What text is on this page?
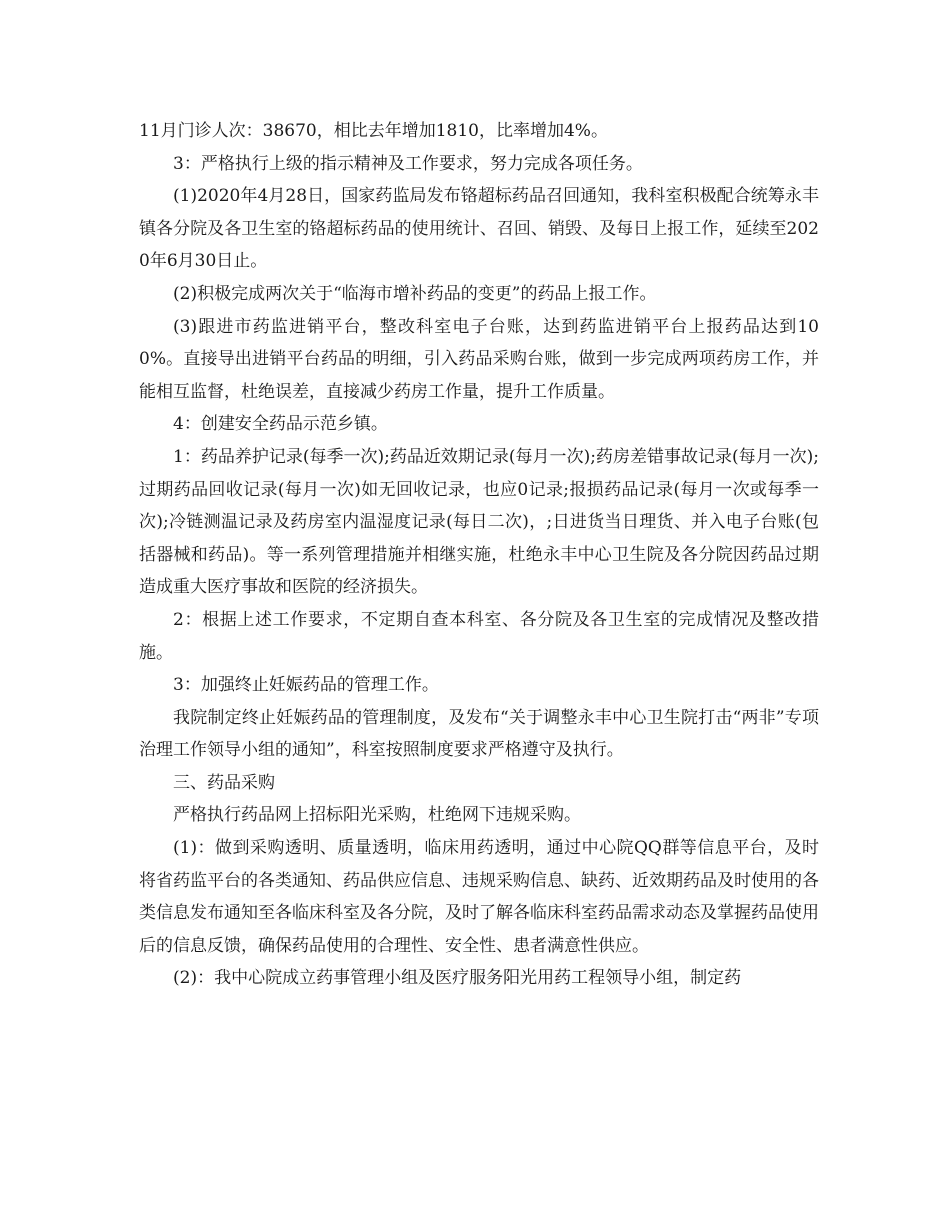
11月门诊人次：38670，相比去年增加1810，比率增加4%。

3：严格执行上级的指示精神及工作要求，努力完成各项任务。

(1)2020年4月28日，国家药监局发布铬超标药品召回通知，我科室积极配合统筹永丰镇各分院及各卫生室的铬超标药品的使用统计、召回、销毁、及每日上报工作，延续至2020年6月30日止。

(2)积极完成两次关于“临海市增补药品的变更”的药品上报工作。

(3)跟进市药监进销平台，整改科室电子台账，达到药监进销平台上报药品达到100%。直接导出进销平台药品的明细，引入药品采购台账，做到一步完成两项药房工作，并能相互监督，杜绝误差，直接减少药房工作量，提升工作质量。

4：创建安全药品示范乡镇。

1：药品养护记录(每季一次);药品近效期记录(每月一次);药房差错事故记录(每月一次);过期药品回收记录(每月一次)如无回收记录，也应0记录;报损药品记录(每月一次或每季一次);冷链测温记录及药房室内温湿度记录(每日二次)，;日进货当日理货、并入电子台账(包括器械和药品)。等一系列管理措施并相继实施，杜绝永丰中心卫生院及各分院因药品过期造成重大医疗事故和医院的经济损失。

2：根据上述工作要求，不定期自查本科室、各分院及各卫生室的完成情况及整改措施。

3：加强终止妊娠药品的管理工作。

我院制定终止妊娠药品的管理制度，及发布“关于调整永丰中心卫生院打击“两非”专项治理工作领导小组的通知”，科室按照制度要求严格遵守及执行。

三、药品采购

严格执行药品网上招标阳光采购，杜绝网下违规采购。

(1)：做到采购透明、质量透明，临床用药透明，通过中心院QQ群等信息平台，及时将省药监平台的各类通知、药品供应信息、违规采购信息、缺药、近效期药品及时使用的各类信息发布通知至各临床科室及各分院，及时了解各临床科室药品需求动态及掌握药品使用后的信息反馈，确保药品使用的合理性、安全性、患者满意性供应。

(2)：我中心院成立药事管理小组及医疗服务阳光用药工程领导小组，制定药
